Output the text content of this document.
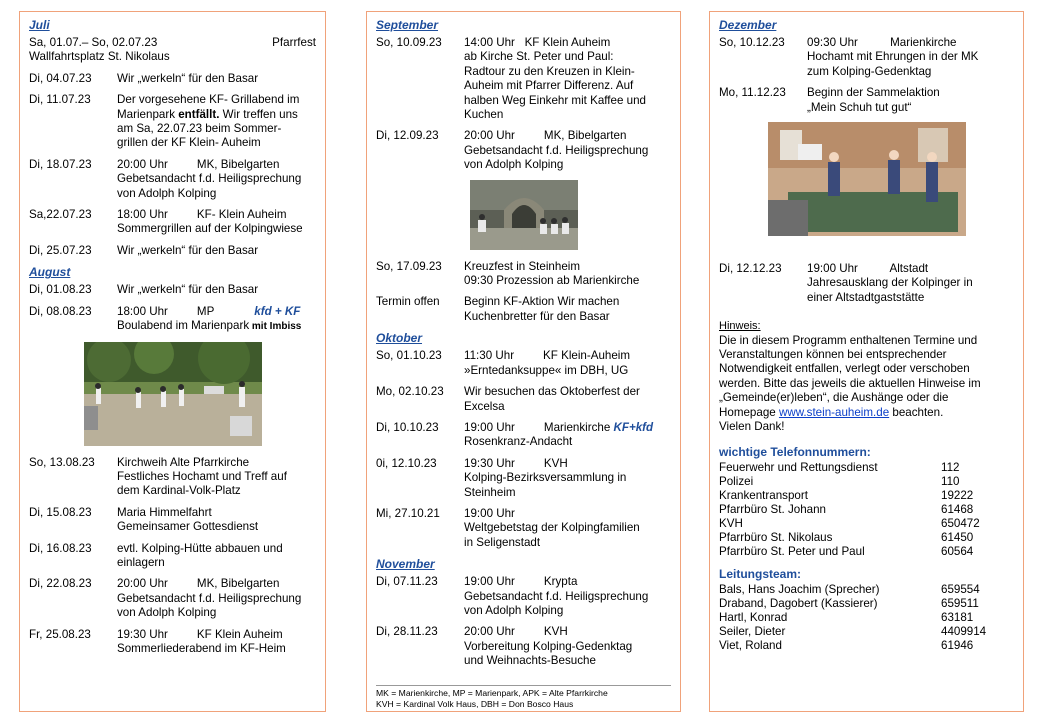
Juli
Sa, 01.07.– So, 02.07.23	Pfarrfest
Wallfahrtsplatz St. Nikolaus
Di, 04.07.23	Wir „werkeln“ für den Basar
Di, 11.07.23	Der vorgesehene KF- Grillabend im
Marienpark entfällt. Wir treffen uns
am Sa, 22.07.23 beim Sommer-
grillen der KF Klein- Auheim
Di, 18.07.23	20:00 Uhr         MK, Bibelgarten
Gebetsandacht f.d. Heiligsprechung
von Adolph Kolping
Sa,22.07.23	18:00 Uhr         KF- Klein Auheim
Sommergrillen auf der Kolpingwiese
Di, 25.07.23	Wir „werkeln“ für den Basar
August
Di, 01.08.23	Wir „werkeln“ für den Basar
Di, 08.08.23	18:00 Uhr         MP	kfd + KF
Boulabend im Marienpark mit Imbiss
So, 13.08.23	Kirchweih Alte Pfarrkirche
Festliches Hochamt und Treff auf
dem Kardinal-Volk-Platz
Di, 15.08.23	Maria Himmelfahrt
Gemeinsamer Gottesdienst
Di, 16.08.23	evtl. Kolping-Hütte abbauen und
einlagern
Di, 22.08.23	20:00 Uhr         MK, Bibelgarten
Gebetsandacht f.d. Heiligsprechung
von Adolph Kolping
Fr, 25.08.23	19:30 Uhr         KF Klein Auheim
Sommerliederabend im KF-Heim
September
So, 10.09.23	14:00 Uhr   KF Klein Auheim
ab Kirche St. Peter und Paul:
Radtour zu den Kreuzen in Klein-
Auheim mit Pfarrer Differenz. Auf
halben Weg Einkehr mit Kaffee und
Kuchen
Di, 12.09.23	20:00 Uhr         MK, Bibelgarten
Gebetsandacht f.d. Heiligsprechung
von Adolph Kolping
So, 17.09.23	Kreuzfest in Steinheim
09:30 Prozession ab Marienkirche
Termin offen	Beginn KF-Aktion Wir machen
Kuchenbretter für den Basar
Oktober
So, 01.10.23	11:30 Uhr         KF Klein-Auheim
»Erntedanksuppe« im DBH, UG
Mo, 02.10.23	Wir besuchen das Oktoberfest der
Excelsa
Di, 10.10.23	19:00 Uhr         Marienkirche KF+kfd
Rosenkranz-Andacht
0i, 12.10.23	19:30 Uhr         KVH
Kolping-Bezirksversammlung in
Steinheim
Mi, 27.10.21	19:00 Uhr
Weltgebetstag der Kolpingfamilien
in Seligenstadt
November
Di, 07.11.23	19:00 Uhr         Krypta
Gebetsandacht f.d. Heiligsprechung
von Adolph Kolping
Di, 28.11.23	20:00 Uhr         KVH
Vorbereitung Kolping-Gedenktag
und Weihnachts-Besuche
MK = Marienkirche, MP = Marienpark, APK = Alte Pfarrkirche
KVH = Kardinal Volk Haus, DBH = Don Bosco Haus
Dezember
So, 10.12.23	09:30 Uhr          Marienkirche
Hochamt mit Ehrungen in der MK
zum Kolping-Gedenktag
Mo, 11.12.23	Beginn der Sammelaktion
„Mein Schuh tut gut“
Di, 12.12.23	19:00 Uhr          Altstadt
Jahresausklang der Kolpinger in
einer Altstadtgaststätte
Hinweis:
Die in diesem Programm enthaltenen Termine und
Veranstaltungen können bei entsprechender
Notwendigkeit entfallen, verlegt oder verschoben
werden. Bitte das jeweils die aktuellen Hinweise im
„Gemeinde(er)leben“, die Aushänge oder die
Homepage www.stein-auheim.de beachten.
Vielen Dank!
wichtige Telefonnummern:
Feuerwehr und Rettungsdienst	112
Polizei	110
Krankentransport	19222
Pfarrbüro St. Johann	61468
KVH	650472
Pfarrbüro St. Nikolaus	61450
Pfarrbüro St. Peter und Paul	60564
Leitungsteam:
Bals, Hans Joachim (Sprecher)	659554
Draband, Dagobert (Kassierer)	659511
Hartl, Konrad	63181
Seiler, Dieter	4409914
Viet, Roland	61946
